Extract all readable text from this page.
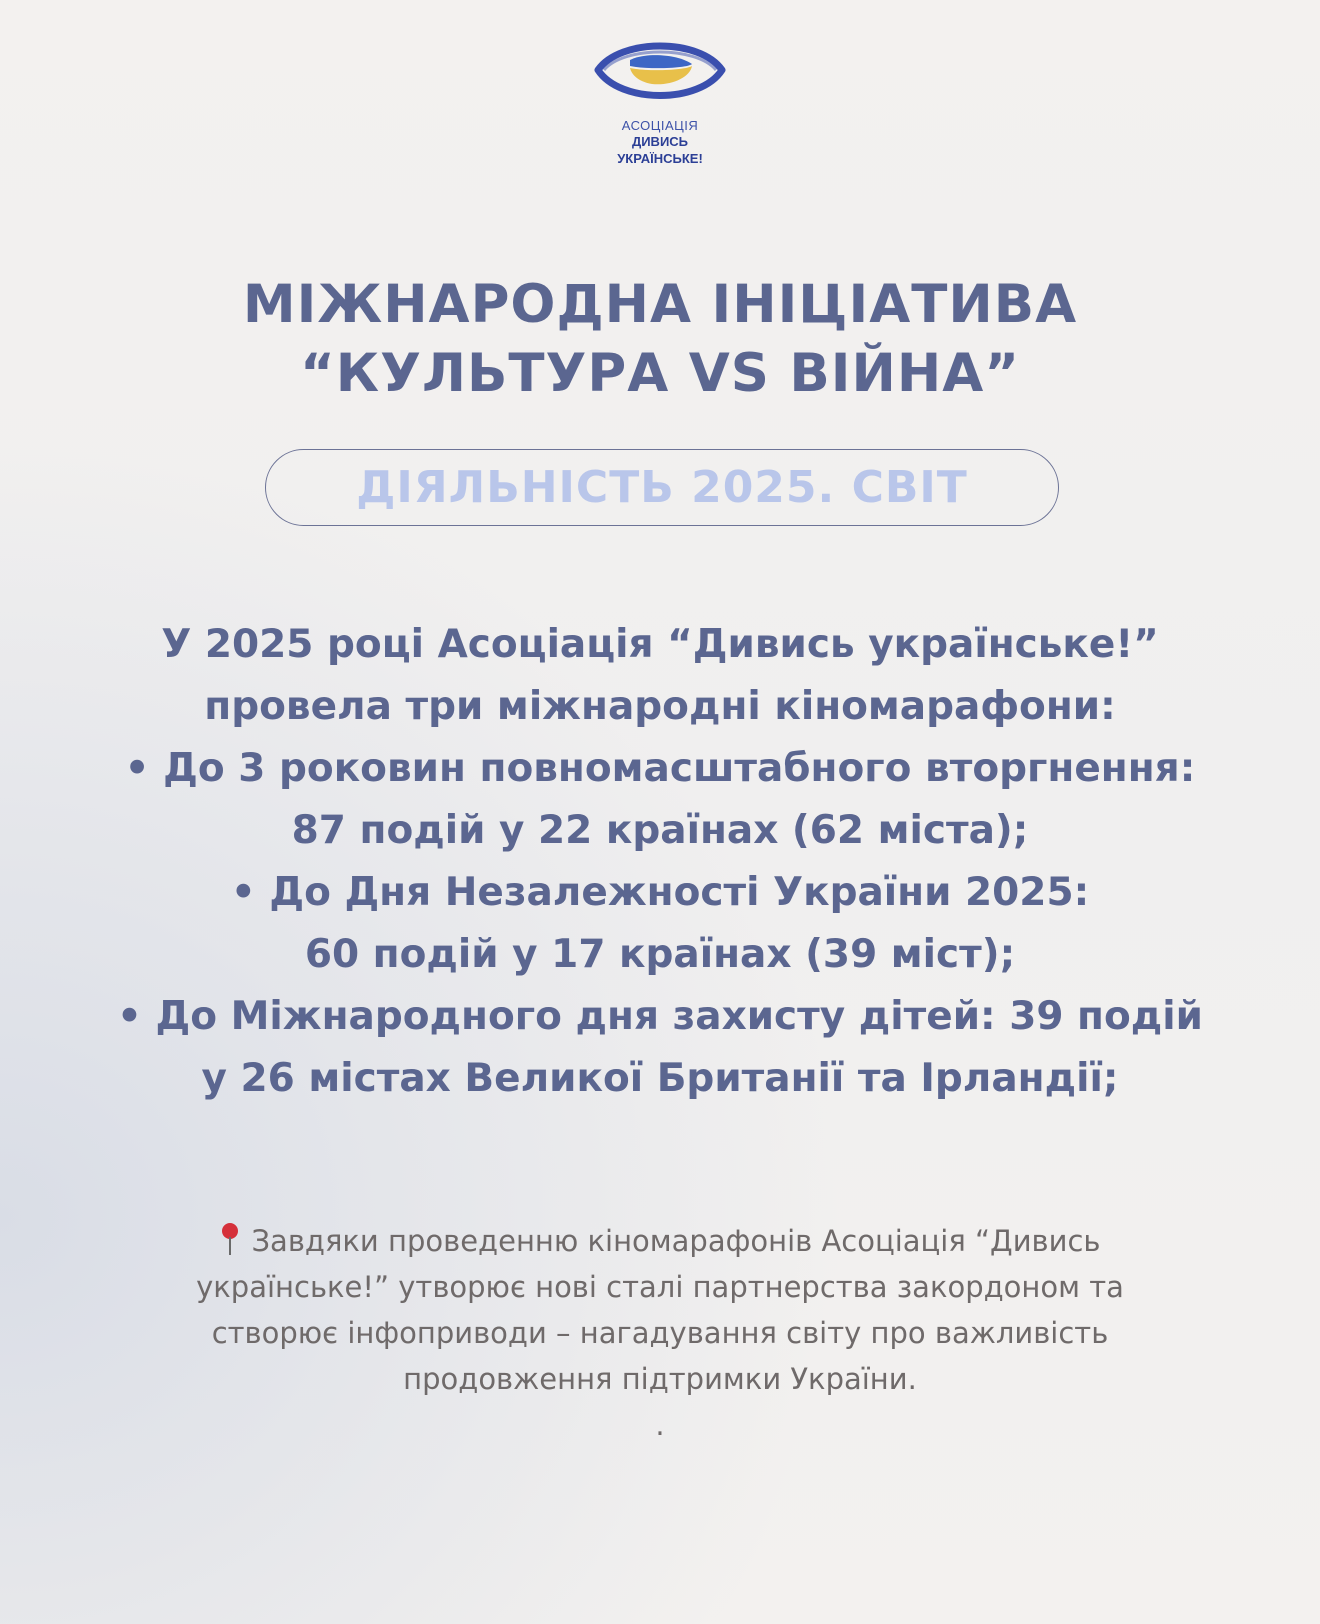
АСОЦІАЦІЯ
ДИВИСЬ УКРАЇНСЬКЕ!
МІЖНАРОДНА ІНІЦІАТИВА
“КУЛЬТУРА VS ВІЙНА”
ДІЯЛЬНІСТЬ 2025. СВІТ
У 2025 році Асоціація “Дивись українське!”
провела три міжнародні кіномарафони:
• До 3 роковин повномасштабного вторгнення:
87 подій у 22 країнах (62 міста);
• До Дня Незалежності України 2025:
60 подій у 17 країнах (39 міст);
• До Міжнародного дня захисту дітей: 39 подій
у 26 містах Великої Британії та Ірландії;
Завдяки проведенню кіномарафонів Асоціація “Дивись
українське!” утворює нові сталі партнерства закордоном та
створює інфоприводи – нагадування світу про важливість
продовження підтримки України.
.
